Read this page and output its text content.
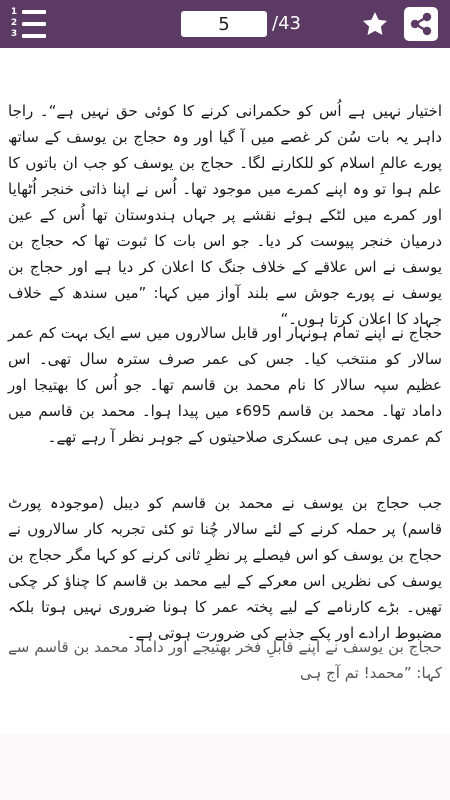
1
2
3
5	/43

اختیار نہیں ہے اُس کو حکمرانی کرنے کا کوئی حق نہیں ہے“۔ راجا داہر یہ بات سُن کر غصے میں آ گیا اور وہ حجاج بن یوسف کے ساتھ پورے عالمِ اسلام کو للکارنے لگا۔ حجاج بن یوسف کو جب ان باتوں کا علم ہوا تو وہ اپنے کمرے میں موجود تھا۔ اُس نے اپنا ذاتی خنجر اُٹھایا اور کمرے میں لٹکے ہوئے نقشے پر جہاں ہندوستان تھا اُس کے عین درمیان خنجر پیوست کر دیا۔ جو اس بات کا ثبوت تھا کہ حجاج بن یوسف نے اس علاقے کے خلاف جنگ کا اعلان کر دیا ہے اور حجاج بن یوسف نے پورے جوش سے بلند آواز میں کہا: ”میں سندھ کے خلاف جہاد کا اعلان کرتا ہوں۔“

حجاج نے اپنے تمام ہونہار اور قابل سالاروں میں سے ایک بہت کم عمر سالار کو منتخب کیا۔ جس کی عمر صرف سترہ سال تھی۔ اس عظیم سپہ سالار کا نام محمد بن قاسم تھا۔ جو اُس کا بھتیجا اور داماد تھا۔ محمد بن قاسم 695ء میں پیدا ہوا۔ محمد بن قاسم میں کم عمری میں ہی عسکری صلاحیتوں کے جوہر نظر آ رہے تھے۔

جب حجاج بن یوسف نے محمد بن قاسم کو دیبل (موجودہ پورٹ قاسم) پر حملہ کرنے کے لئے سالار چُنا تو کئی تجربہ کار سالاروں نے حجاج بن یوسف کو اس فیصلے پر نظرِ ثانی کرنے کو کہا مگر حجاج بن یوسف کی نظریں اس معرکے کے لیے محمد بن قاسم کا چناؤ کر چکی تھیں۔ بڑے کارنامے کے لیے پختہ عمر کا ہونا ضروری نہیں ہوتا بلکہ مضبوط ارادے اور پکے جذبے کی ضرورت ہوتی ہے۔

حجاج بن یوسف نے اپنے قابلِ فخر بھتیجے اور داماد محمد بن قاسم سے کہا: ”محمد! تم آج ہی
